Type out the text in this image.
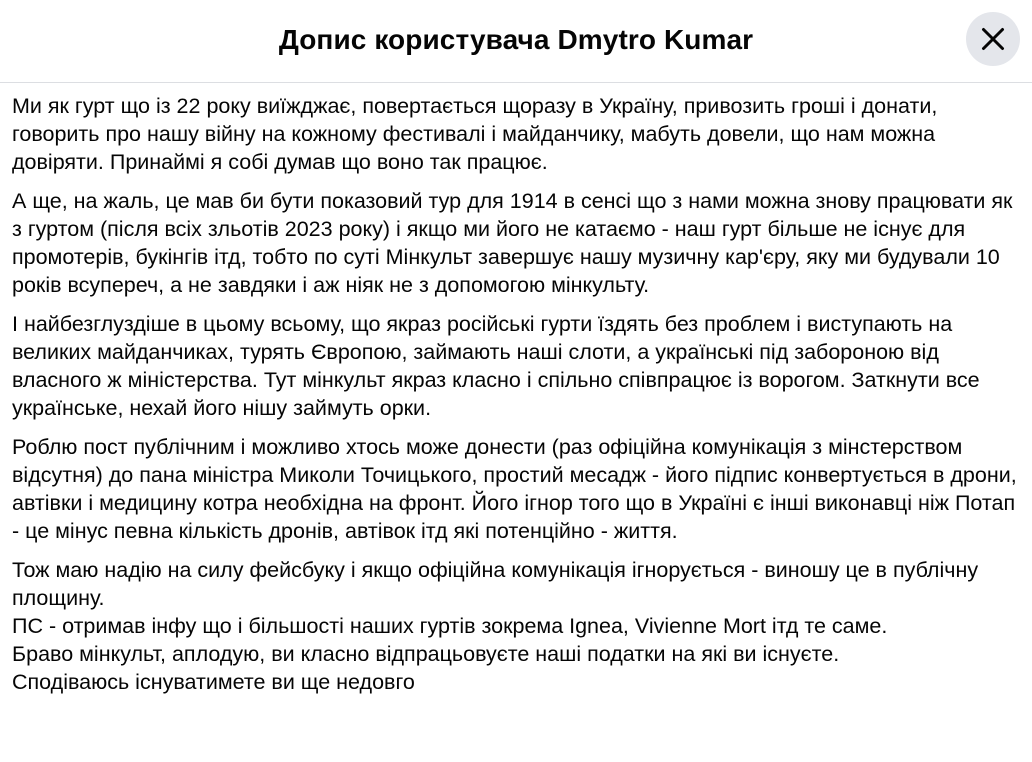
Допис користувача Dmytro Kumar

Ми як гурт що із 22 року виїжджає, повертається щоразу в Україну, привозить гроші і донати, говорить про нашу війну на кожному фестивалі і майданчику, мабуть довели, що нам можна довіряти. Принаймі я собі думав що воно так працює.

А ще, на жаль, це мав би бути показовий тур для 1914 в сенсі що з нами можна знову працювати як з гуртом (після всіх зльотів 2023 року) і якщо ми його не катаємо - наш гурт більше не існує для промотерів, букінгів ітд, тобто по суті Мінкульт завершує нашу музичну кар'єру, яку ми будували 10 років всупереч, а не завдяки і аж ніяк не з допомогою мінкульту.

І найбезглуздіше в цьому всьому, що якраз російські гурти їздять без проблем і виступають на великих майданчиках, турять Європою, займають наші слоти, а українські під забороною від власного ж міністерства. Тут мінкульт якраз класно і спільно співпрацює із ворогом. Заткнути все українське, нехай його нішу займуть орки.

Роблю пост публічним і можливо хтось може донести (раз офіційна комунікація з мінстерством відсутня) до пана міністра Миколи Точицького, простий месадж - його підпис конвертується в дрони, автівки і медицину котра необхідна на фронт. Його ігнор того що в Україні є інші виконавці ніж Потап - це мінус певна кількість дронів, автівок ітд які потенційно - життя.

Тож маю надію на силу фейсбуку і якщо офіційна комунікація ігнорується - виношу це в публічну площину.
ПС - отримав інфу що і більшості наших гуртів зокрема Ignea, Vivienne Mort ітд те саме.
Браво мінкульт, аплодую, ви класно відпрацьовуєте наші податки на які ви існуєте.
Сподіваюсь існуватимете ви ще недовго
